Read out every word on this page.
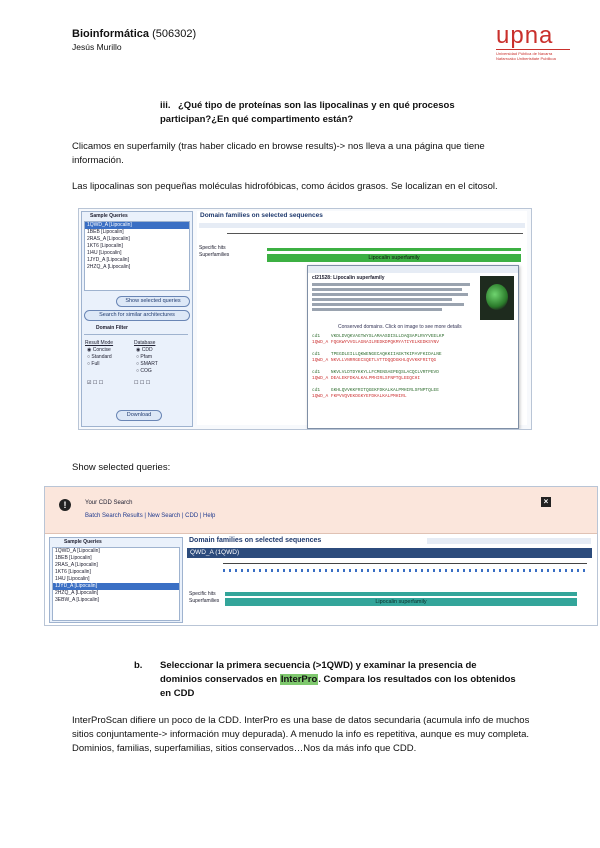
Bioinformática (506302)
Jesús Murillo	upna
Universidad Pública de Navarra
Nafarroako Unibertsitate Publikoa
iii. ¿Qué tipo de proteínas son las lipocalinas y en qué procesos participan?¿En qué compartimento están?
Clicamos en superfamily (tras haber clicado en browse results)-> nos lleva a una página que tiene información.
Las lipocalinas son pequeñas moléculas hidrofóbicas, como ácidos grasos. Se localizan en el citosol.
Sample Queries
1QWD_A [Lipocalin]
1BEB [Lipocalin]
2RAS_A [Lipocalin]
1KT6 [Lipocalin]
1I4U [Lipocalin]
1JYD_A [Lipocalin]
2HZQ_A [Lipocalin]
Show selected queries
Search for similar architectures
Domain Filter
Result Mode
◉ Concise
○ Standard
○ Full
Database
◉ CDD
○ Pfam
○ SMART
○ COG
☑ ☐ ☐	☐ ☐ ☐
Download
Domain families on selected sequences
Specific hits
Superfamilies	Lipocalin superfamily
cl21528: Lipocalin superfamily
Conserved domains. Click on image to see more details
cd1    VKDLDVQKVAGTWYSLAMAASDISLLDAQSAPLRVYVEELKP
1QWD_A FQGKWYVVGLAGNAILREDKDPQKMYATIYELKEDKSYNV

cd1    TPEGDLEILLQKWENGECAQKKIIAEKTKIPAVFKIDALNE
1QWD_A NKVLLVNRRGECSQETLVTTDQQDGKHLQVVKKFRITQG

cd1    NKVLVLDTDYKKYLLFCMENSAEPEQSLACQCLVRTPEVD
1QWD_A DEALEKFDKALKALPMHIRLSFNPTQLEEQCHI

cd1    GKHLQVVKKFRITQGEKFDKALKALPMHIRLSFNPTQLEE
1QWD_A FKPVVQVEKDGKYEFDKALKALPMHIRL
Show selected queries:
!	Your CDD Search
Batch Search Results | New Search | CDD | Help
×
Sample Queries
1QWD_A [Lipocalin]
1BEB [Lipocalin]
2RAS_A [Lipocalin]
1KT6 [Lipocalin]
1I4U [Lipocalin]
1JYD_A [Lipocalin]
2HZQ_A [Lipocalin]
3EBW_A [Lipocalin]
Domain families on selected sequences
QWD_A (1QWD)
Specific hits
Superfamilies	Lipocalin superfamily
b.	Seleccionar la primera secuencia (>1QWD) y examinar la presencia de dominios conservados en InterPro. Compara los resultados con los obtenidos en CDD
InterProScan difiere un poco de la CDD. InterPro es una base de datos secundaria (acumula info de muchos sitios conjuntamente-> información muy depurada). A menudo la info es repetitiva, aunque es muy completa. Dominios, familias, superfamilias, sitios conservados…Nos da más info que CDD.
